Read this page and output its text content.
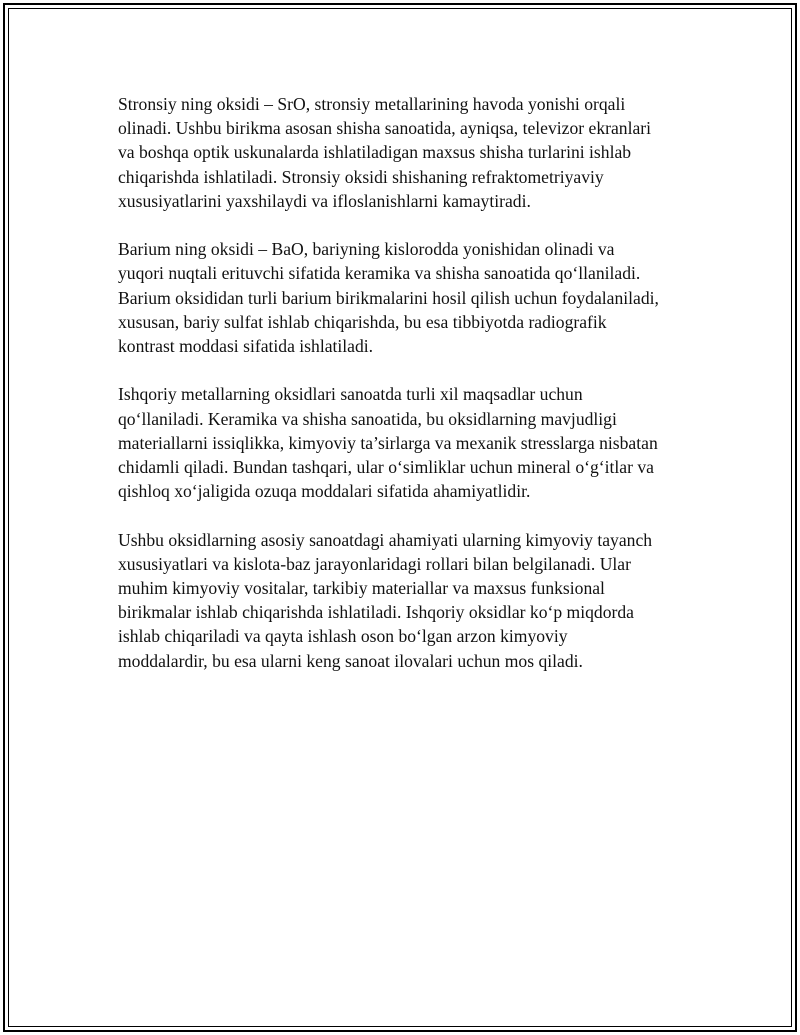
Stronsiy ning oksidi – SrO, stronsiy metallarining havoda yonishi orqali
olinadi. Ushbu birikma asosan shisha sanoatida, ayniqsa, televizor ekranlari
va boshqa optik uskunalarda ishlatiladigan maxsus shisha turlarini ishlab
chiqarishda ishlatiladi. Stronsiy oksidi shishaning refraktometriyaviy
xususiyatlarini yaxshilaydi va ifloslanishlarni kamaytiradi.

Barium ning oksidi – BaO, bariyning kislorodda yonishidan olinadi va
yuqori nuqtali erituvchi sifatida keramika va shisha sanoatida qo‘llaniladi.
Barium oksididan turli barium birikmalarini hosil qilish uchun foydalaniladi,
xususan, bariy sulfat ishlab chiqarishda, bu esa tibbiyotda radiografik
kontrast moddasi sifatida ishlatiladi.

Ishqoriy metallarning oksidlari sanoatda turli xil maqsadlar uchun
qo‘llaniladi. Keramika va shisha sanoatida, bu oksidlarning mavjudligi
materiallarni issiqlikka, kimyoviy ta’sirlarga va mexanik stresslarga nisbatan
chidamli qiladi. Bundan tashqari, ular o‘simliklar uchun mineral o‘g‘itlar va
qishloq xo‘jaligida ozuqa moddalari sifatida ahamiyatlidir.

Ushbu oksidlarning asosiy sanoatdagi ahamiyati ularning kimyoviy tayanch
xususiyatlari va kislota-baz jarayonlaridagi rollari bilan belgilanadi. Ular
muhim kimyoviy vositalar, tarkibiy materiallar va maxsus funksional
birikmalar ishlab chiqarishda ishlatiladi. Ishqoriy oksidlar ko‘p miqdorda
ishlab chiqariladi va qayta ishlash oson bo‘lgan arzon kimyoviy
moddalardir, bu esa ularni keng sanoat ilovalari uchun mos qiladi.
